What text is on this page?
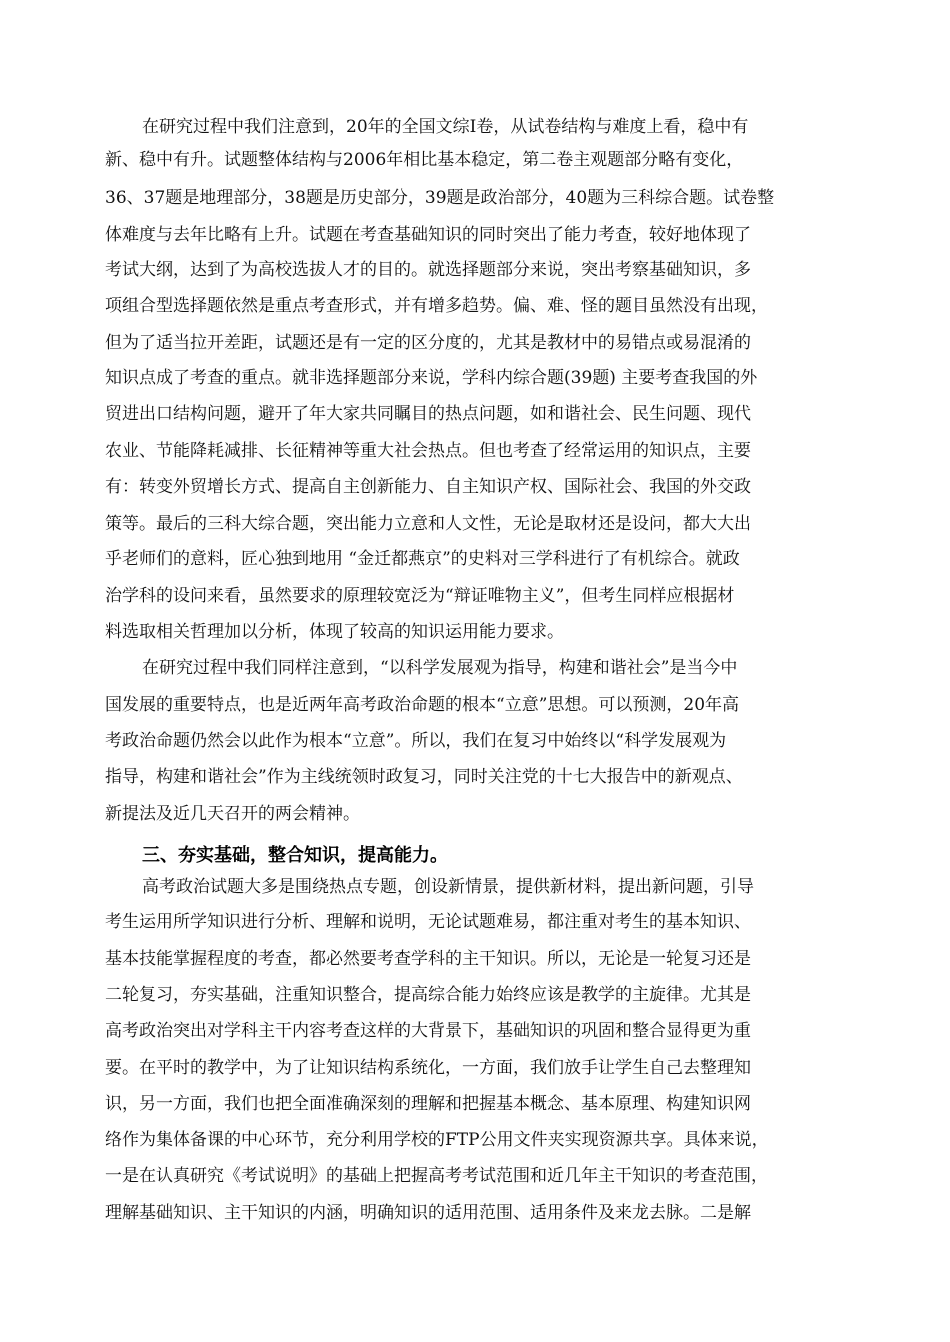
在研究过程中我们注意到，20年的全国文综Ⅰ卷，从试卷结构与难度上看，稳中有
新、稳中有升。试题整体结构与2006年相比基本稳定，第二卷主观题部分略有变化，
36、37题是地理部分，38题是历史部分，39题是政治部分，40题为三科综合题。试卷整
体难度与去年比略有上升。试题在考查基础知识的同时突出了能力考查，较好地体现了
考试大纲，达到了为高校选拔人才的目的。就选择题部分来说，突出考察基础知识，多
项组合型选择题依然是重点考查形式，并有增多趋势。偏、难、怪的题目虽然没有出现，
但为了适当拉开差距，试题还是有一定的区分度的，尤其是教材中的易错点或易混淆的
知识点成了考查的重点。就非选择题部分来说，学科内综合题(39题) 主要考查我国的外
贸进出口结构问题，避开了年大家共同瞩目的热点问题，如和谐社会、民生问题、现代
农业、节能降耗减排、长征精神等重大社会热点。但也考查了经常运用的知识点，主要
有：转变外贸增长方式、提高自主创新能力、自主知识产权、国际社会、我国的外交政
策等。最后的三科大综合题，突出能力立意和人文性，无论是取材还是设问，都大大出
乎老师们的意料，匠心独到地用 “金迁都燕京”的史料对三学科进行了有机综合。就政
治学科的设问来看，虽然要求的原理较宽泛为“辩证唯物主义”，但考生同样应根据材
料选取相关哲理加以分析，体现了较高的知识运用能力要求。
在研究过程中我们同样注意到，“以科学发展观为指导，构建和谐社会”是当今中
国发展的重要特点，也是近两年高考政治命题的根本“立意”思想。可以预测，20年高
考政治命题仍然会以此作为根本“立意”。所以，我们在复习中始终以“科学发展观为
指导，构建和谐社会”作为主线统领时政复习，同时关注党的十七大报告中的新观点、
新提法及近几天召开的两会精神。
三、夯实基础，整合知识，提高能力。
高考政治试题大多是围绕热点专题，创设新情景，提供新材料，提出新问题，引导
考生运用所学知识进行分析、理解和说明，无论试题难易，都注重对考生的基本知识、
基本技能掌握程度的考查，都必然要考查学科的主干知识。所以，无论是一轮复习还是
二轮复习，夯实基础，注重知识整合，提高综合能力始终应该是教学的主旋律。尤其是
高考政治突出对学科主干内容考查这样的大背景下，基础知识的巩固和整合显得更为重
要。在平时的教学中，为了让知识结构系统化，一方面，我们放手让学生自己去整理知
识，另一方面，我们也把全面准确深刻的理解和把握基本概念、基本原理、构建知识网
络作为集体备课的中心环节，充分利用学校的FTP公用文件夹实现资源共享。具体来说，
一是在认真研究《考试说明》的基础上把握高考考试范围和近几年主干知识的考查范围，
理解基础知识、主干知识的内涵，明确知识的适用范围、适用条件及来龙去脉。二是解
